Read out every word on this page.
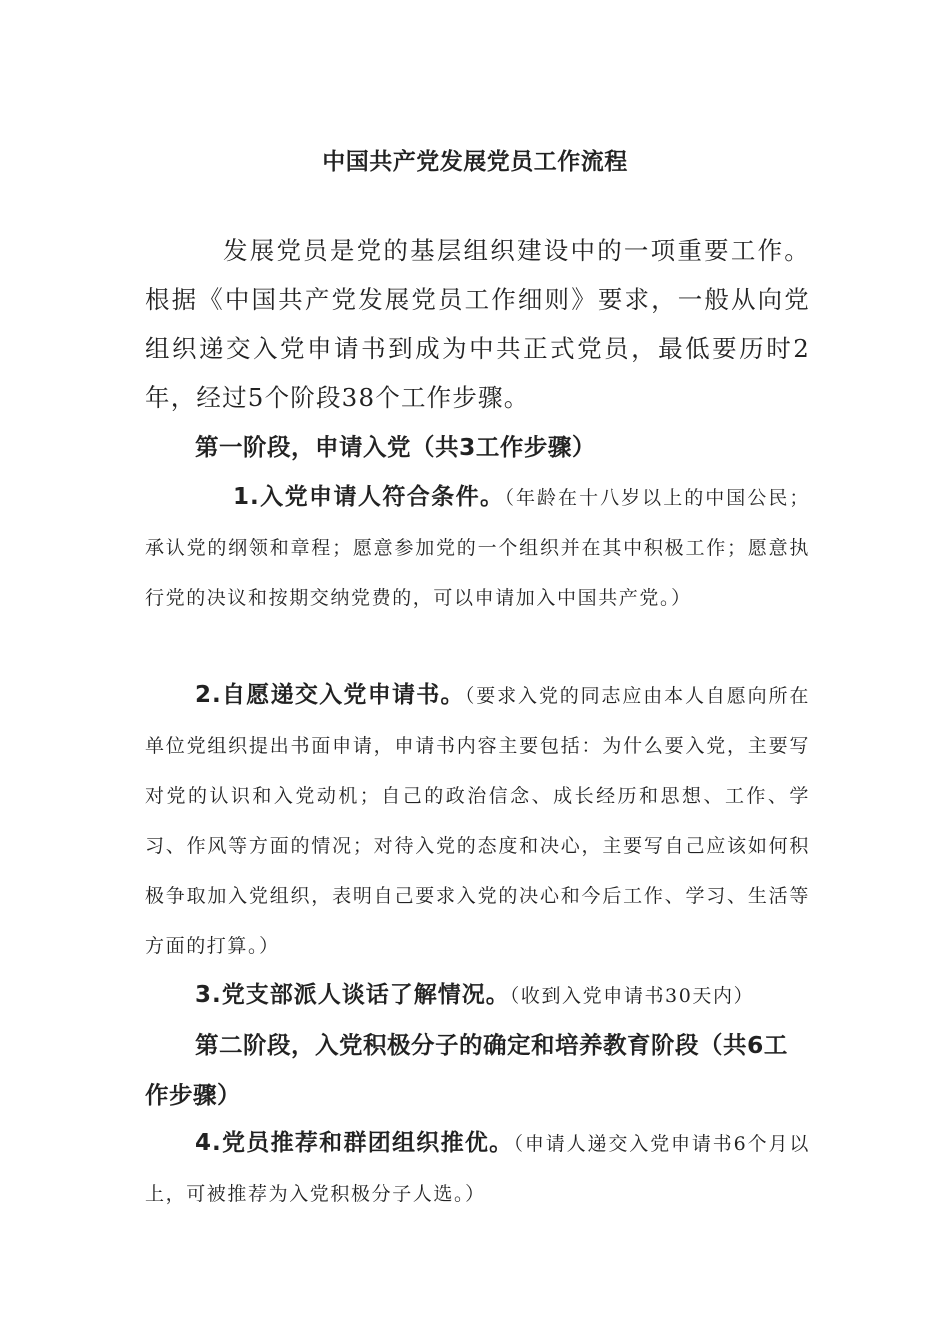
中国共产党发展党员工作流程
发展党员是党的基层组织建设中的一项重要工作。根据《中国共产党发展党员工作细则》要求，一般从向党组织递交入党申请书到成为中共正式党员，最低要历时2年，经过5个阶段38个工作步骤。
第一阶段，申请入党（共3工作步骤）
1.入党申请人符合条件。（年龄在十八岁以上的中国公民；承认党的纲领和章程；愿意参加党的一个组织并在其中积极工作；愿意执行党的决议和按期交纳党费的，可以申请加入中国共产党。）
2.自愿递交入党申请书。（要求入党的同志应由本人自愿向所在单位党组织提出书面申请，申请书内容主要包括：为什么要入党，主要写对党的认识和入党动机；自己的政治信念、成长经历和思想、工作、学习、作风等方面的情况；对待入党的态度和决心，主要写自己应该如何积极争取加入党组织，表明自己要求入党的决心和今后工作、学习、生活等方面的打算。）
3.党支部派人谈话了解情况。（收到入党申请书30天内）
第二阶段，入党积极分子的确定和培养教育阶段（共6工作步骤）
4.党员推荐和群团组织推优。（申请人递交入党申请书6个月以上，可被推荐为入党积极分子人选。）
